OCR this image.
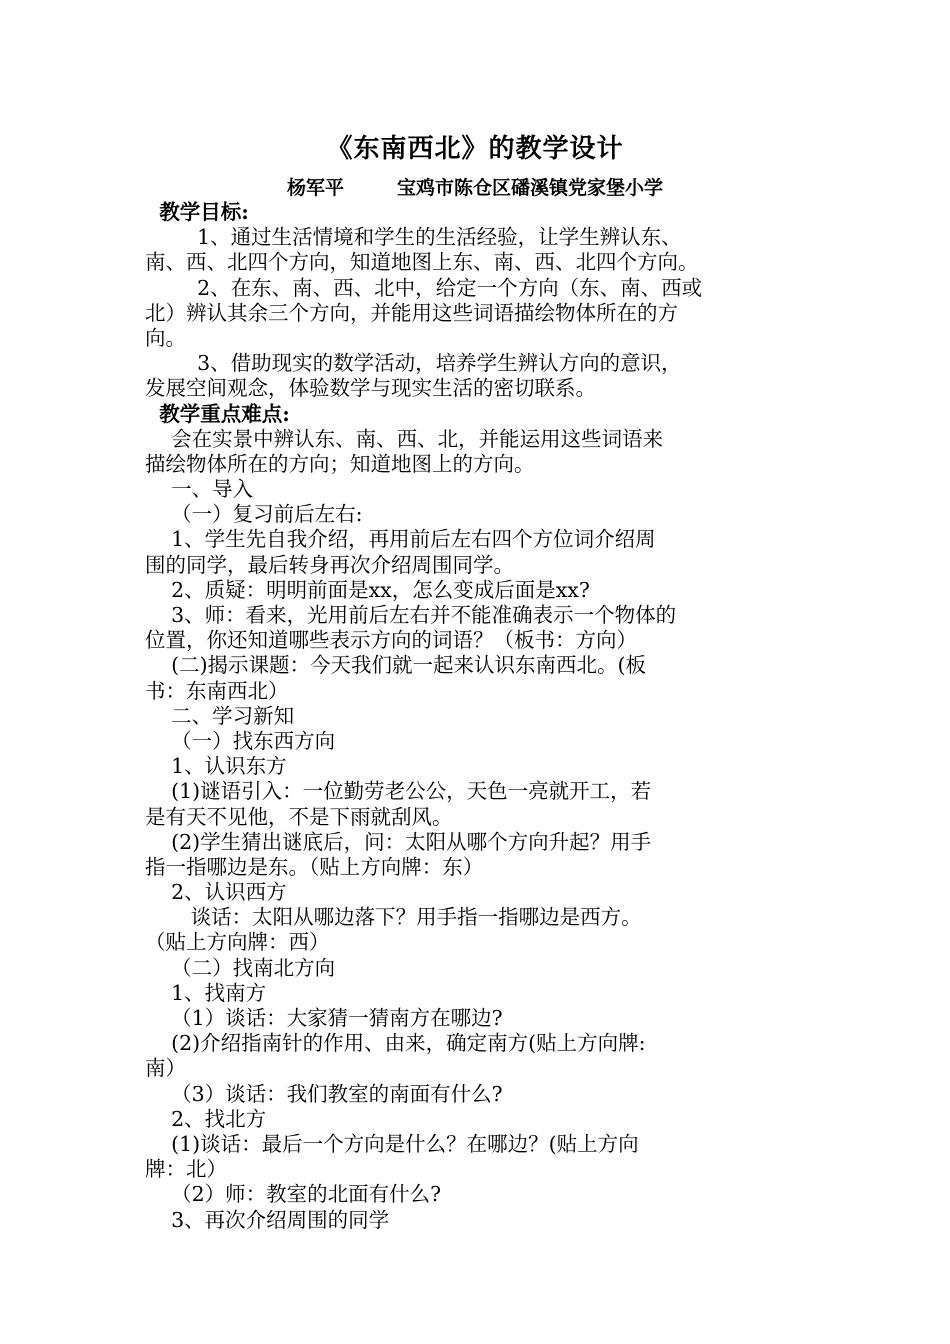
《东南西北》的教学设计
杨军平        宝鸡市陈仓区磻溪镇党家堡小学
教学目标:
1、通过生活情境和学生的生活经验，让学生辨认东、
南、西、北四个方向，知道地图上东、南、西、北四个方向。
2、在东、南、西、北中，给定一个方向（东、南、西或
北）辨认其余三个方向，并能用这些词语描绘物体所在的方
向。
3、借助现实的数学活动，培养学生辨认方向的意识，
发展空间观念，体验数学与现实生活的密切联系。
教学重点难点:
会在实景中辨认东、南、西、北，并能运用这些词语来
描绘物体所在的方向；知道地图上的方向。
一、导入
（一）复习前后左右:
1、学生先自我介绍，再用前后左右四个方位词介绍周
围的同学，最后转身再次介绍周围同学。
2、质疑：明明前面是xx，怎么变成后面是xx?
3、师：看来，光用前后左右并不能准确表示一个物体的
位置，你还知道哪些表示方向的词语？（板书：方向）
(二)揭示课题：今天我们就一起来认识东南西北。(板
书：东南西北）
二、学习新知
（一）找东西方向
1、认识东方
(1)谜语引入：一位勤劳老公公，天色一亮就开工，若
是有天不见他，不是下雨就刮风。
(2)学生猜出谜底后，问：太阳从哪个方向升起？用手
指一指哪边是东。（贴上方向牌：东）
2、认识西方
谈话：太阳从哪边落下？用手指一指哪边是西方。
（贴上方向牌：西）
（二）找南北方向
1、找南方
（1）谈话：大家猜一猜南方在哪边?
(2)介绍指南针的作用、由来，确定南方(贴上方向牌:
南）
（3）谈话：我们教室的南面有什么?
2、找北方
(1)谈话：最后一个方向是什么？在哪边？(贴上方向
牌：北）
（2）师：教室的北面有什么?
3、再次介绍周围的同学
